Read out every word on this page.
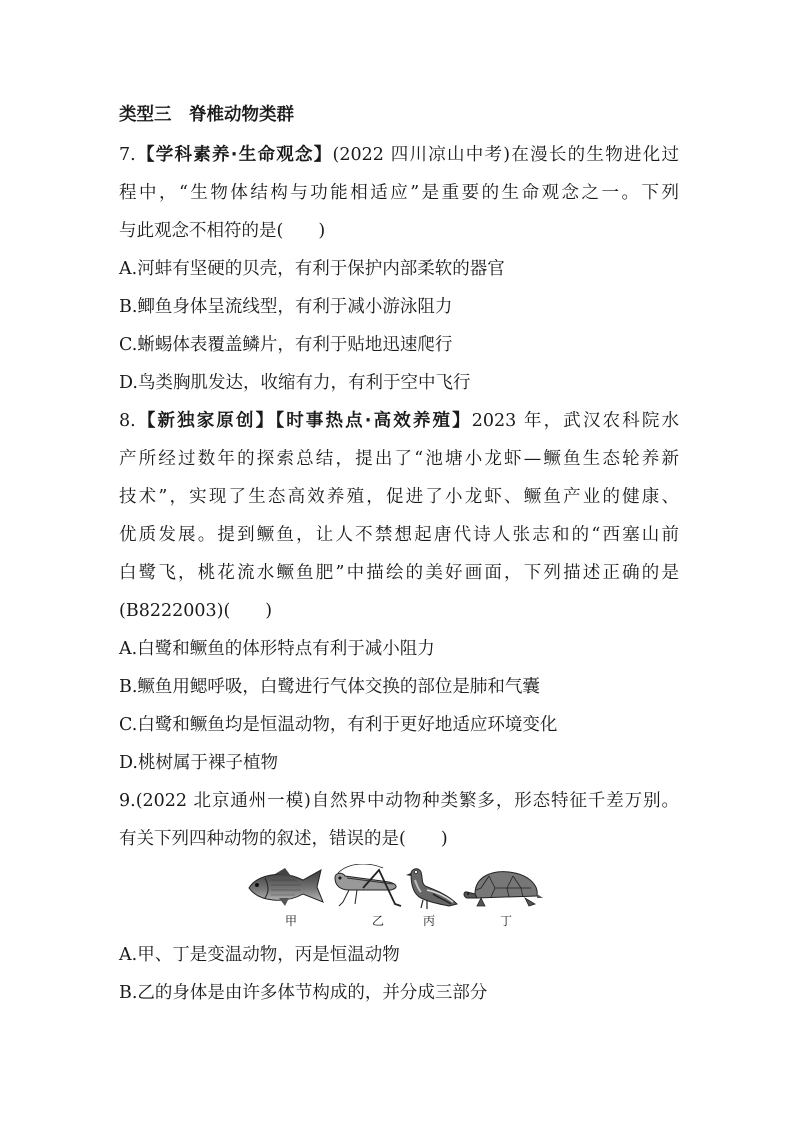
类型三　脊椎动物类群
7.【学科素养·生命观念】(2022 四川凉山中考)在漫长的生物进化过
程中，“生物体结构与功能相适应”是重要的生命观念之一。下列
与此观念不相符的是(　　)
A.河蚌有坚硬的贝壳，有利于保护内部柔软的器官
B.鲫鱼身体呈流线型，有利于减小游泳阻力
C.蜥蜴体表覆盖鳞片，有利于贴地迅速爬行
D.鸟类胸肌发达，收缩有力，有利于空中飞行
8.【新独家原创】【时事热点·高效养殖】2023 年，武汉农科院水
产所经过数年的探索总结，提出了“池塘小龙虾—鳜鱼生态轮养新
技术”，实现了生态高效养殖，促进了小龙虾、鳜鱼产业的健康、
优质发展。提到鳜鱼，让人不禁想起唐代诗人张志和的“西塞山前
白鹭飞，桃花流水鳜鱼肥”中描绘的美好画面，下列描述正确的是
(B8222003)(　　)
A.白鹭和鳜鱼的体形特点有利于减小阻力
B.鳜鱼用鳃呼吸，白鹭进行气体交换的部位是肺和气囊
C.白鹭和鳜鱼均是恒温动物，有利于更好地适应环境变化
D.桃树属于裸子植物
9.(2022 北京通州一模)自然界中动物种类繁多，形态特征千差万别。
有关下列四种动物的叙述，错误的是(　　)
甲	乙	丙	丁
A.甲、丁是变温动物，丙是恒温动物
B.乙的身体是由许多体节构成的，并分成三部分
